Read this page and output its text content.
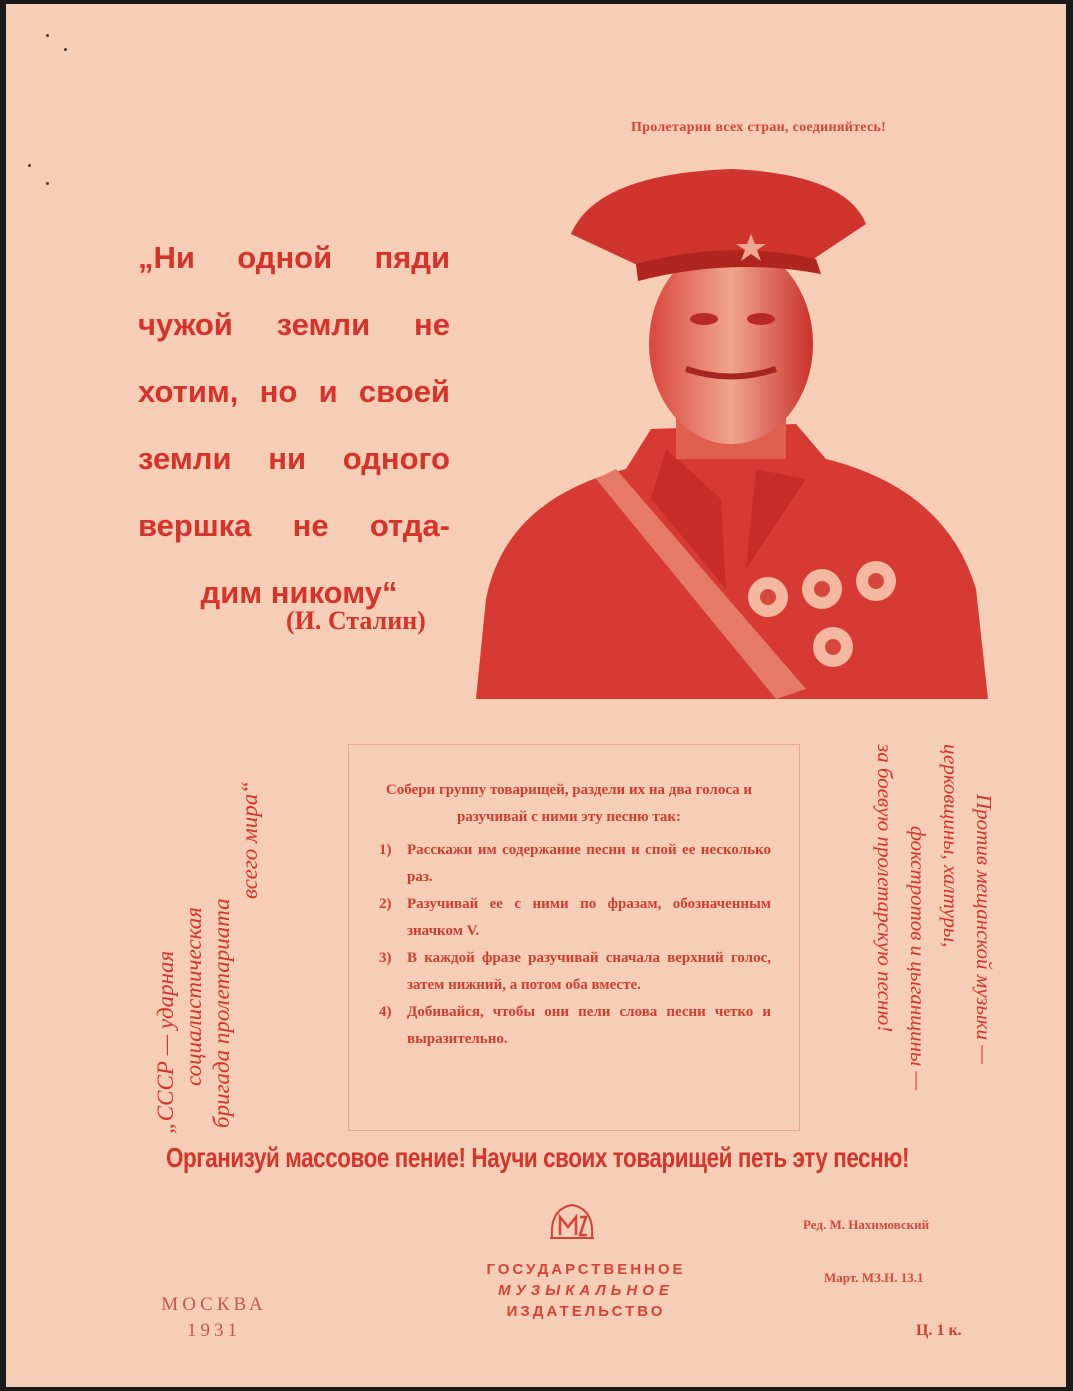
Пролетарии всех стран, соединяйтесь!
„Ни одной пяди
чужой земли не
хотим, но и своей
земли ни одного
вершка не отда-
дим никому“
(И. Сталин)
„СССР — ударная социалистическая бригада пролетариата
всего мира“	Против мещанской музыки —
церковщины, халтуры,
фокстротов и цыганщины —
за боевую пролетарскую песню!
Собери группу товарищей, раздели их на два голоса и разучивай с ними эту песню так:
1)	Расскажи им содержание песни и спой ее несколько раз.
2)	Разучивай ее с ними по фразам, обозначенным значком V.
3)	В каждой фразе разучивай сначала верхний голос, затем нижний, а потом оба вместе.
4)	Добивайся, чтобы они пели слова песни четко и выразительно.
Организуй массовое пение! Научи своих товарищей петь эту песню!
ГОСУДАРСТВЕННОЕ
МУЗЫКАЛЬНОЕ
ИЗДАТЕЛЬСТВО
МОСКВА
1931
Ред. М. Нахимовский
Март. МЗ.Н. 13.1
Ц. 1 к.
